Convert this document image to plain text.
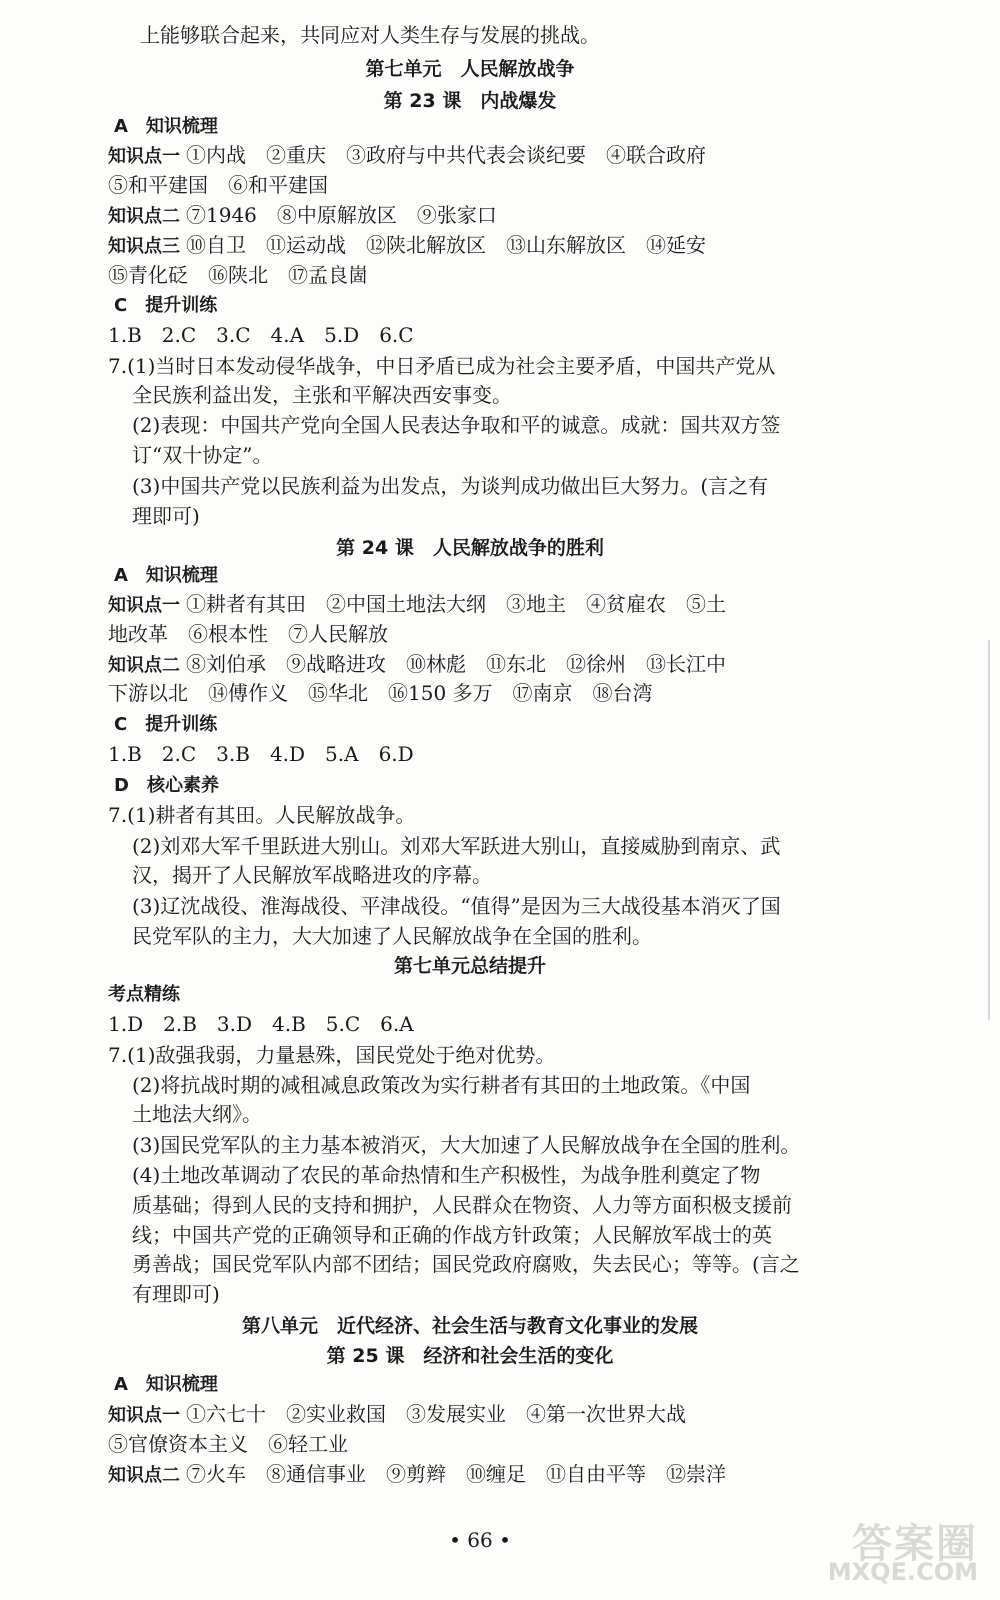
• 66 •	答案圈
MXQE.COM
上能够联合起来，共同应对人类生存与发展的挑战。
第七单元　人民解放战争
第 23 课　内战爆发
A　知识梳理
知识点一 ①内战　②重庆　③政府与中共代表会谈纪要　④联合政府
⑤和平建国　⑥和平建国
知识点二 ⑦1946　⑧中原解放区　⑨张家口
知识点三 ⑩自卫　⑪运动战　⑫陕北解放区　⑬山东解放区　⑭延安
⑮青化砭　⑯陕北　⑰孟良崮
C　提升训练
1.B　2.C　3.C　4.A　5.D　6.C
7.(1)当时日本发动侵华战争，中日矛盾已成为社会主要矛盾，中国共产党从
全民族利益出发，主张和平解决西安事变。
(2)表现：中国共产党向全国人民表达争取和平的诚意。成就：国共双方签
订“双十协定”。
(3)中国共产党以民族利益为出发点，为谈判成功做出巨大努力。(言之有
理即可)
第 24 课　人民解放战争的胜利
A　知识梳理
知识点一 ①耕者有其田　②中国土地法大纲　③地主　④贫雇农　⑤土
地改革　⑥根本性　⑦人民解放
知识点二 ⑧刘伯承　⑨战略进攻　⑩林彪　⑪东北　⑫徐州　⑬长江中
下游以北　⑭傅作义　⑮华北　⑯150 多万　⑰南京　⑱台湾
C　提升训练
1.B　2.C　3.B　4.D　5.A　6.D
D　核心素养
7.(1)耕者有其田。人民解放战争。
(2)刘邓大军千里跃进大别山。刘邓大军跃进大别山，直接威胁到南京、武
汉，揭开了人民解放军战略进攻的序幕。
(3)辽沈战役、淮海战役、平津战役。“值得”是因为三大战役基本消灭了国
民党军队的主力，大大加速了人民解放战争在全国的胜利。
第七单元总结提升
考点精练
1.D　2.B　3.D　4.B　5.C　6.A
7.(1)敌强我弱，力量悬殊，国民党处于绝对优势。
(2)将抗战时期的减租减息政策改为实行耕者有其田的土地政策。《中国
土地法大纲》。
(3)国民党军队的主力基本被消灭，大大加速了人民解放战争在全国的胜利。
(4)土地改革调动了农民的革命热情和生产积极性，为战争胜利奠定了物
质基础；得到人民的支持和拥护，人民群众在物资、人力等方面积极支援前
线；中国共产党的正确领导和正确的作战方针政策；人民解放军战士的英
勇善战；国民党军队内部不团结；国民党政府腐败，失去民心；等等。(言之
有理即可)
第八单元　近代经济、社会生活与教育文化事业的发展
第 25 课　经济和社会生活的变化
A　知识梳理
知识点一 ①六七十　②实业救国　③发展实业　④第一次世界大战
⑤官僚资本主义　⑥轻工业
知识点二 ⑦火车　⑧通信事业　⑨剪辫　⑩缠足　⑪自由平等　⑫崇洋
